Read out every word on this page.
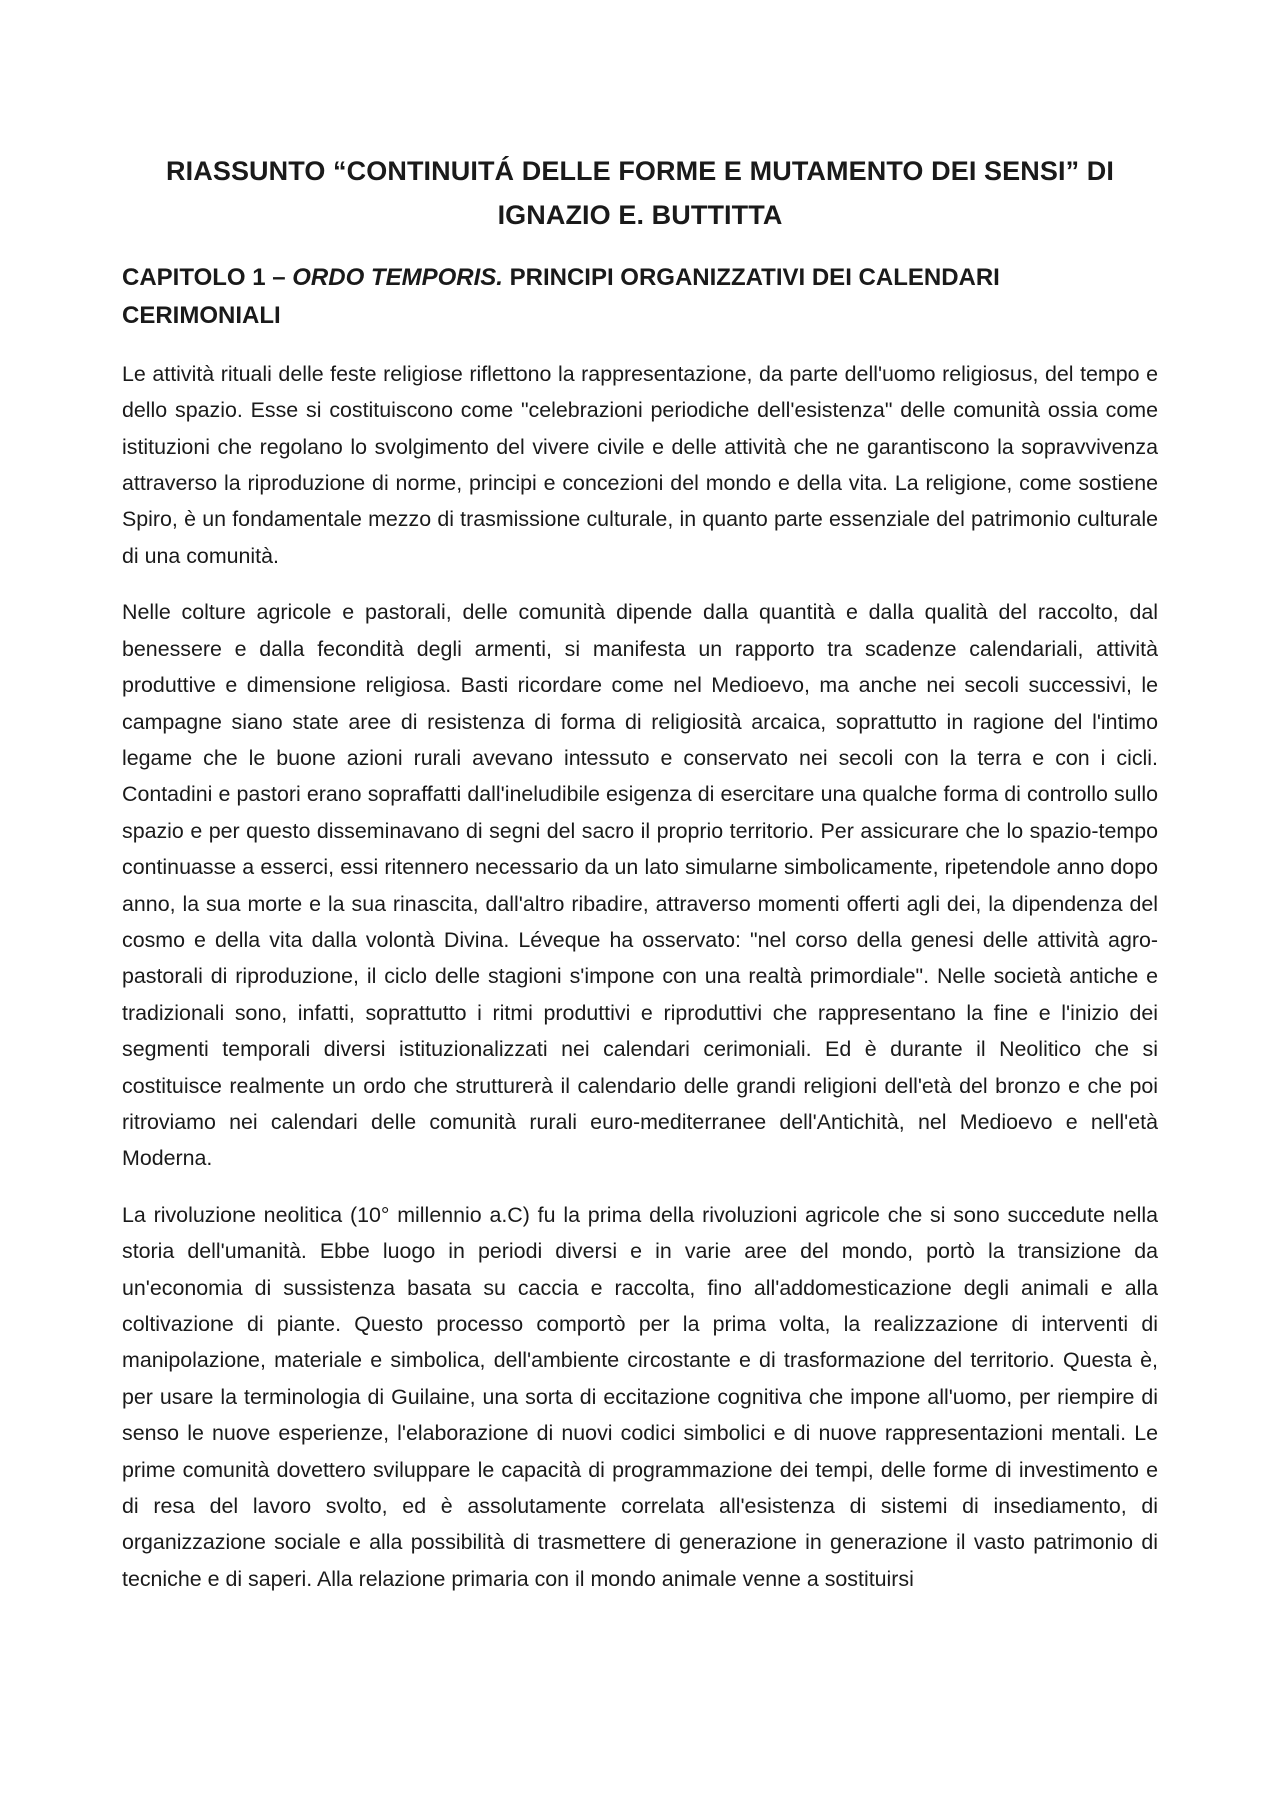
RIASSUNTO “CONTINUITÁ DELLE FORME E MUTAMENTO DEI SENSI” DI IGNAZIO E. BUTTITTA
CAPITOLO 1 – ORDO TEMPORIS. PRINCIPI ORGANIZZATIVI DEI CALENDARI CERIMONIALI

Le attività rituali delle feste religiose riflettono la rappresentazione, da parte dell'uomo religiosus, del tempo e dello spazio. Esse si costituiscono come "celebrazioni periodiche dell'esistenza" delle comunità ossia come istituzioni che regolano lo svolgimento del vivere civile e delle attività che ne garantiscono la sopravvivenza attraverso la riproduzione di norme, principi e concezioni del mondo e della vita. La religione, come sostiene Spiro, è un fondamentale mezzo di trasmissione culturale, in quanto parte essenziale del patrimonio culturale di una comunità.

Nelle colture agricole e pastorali, delle comunità dipende dalla quantità e dalla qualità del raccolto, dal benessere e dalla fecondità degli armenti, si manifesta un rapporto tra scadenze calendariali, attività produttive e dimensione religiosa. Basti ricordare come nel Medioevo, ma anche nei secoli successivi, le campagne siano state aree di resistenza di forma di religiosità arcaica, soprattutto in ragione del l'intimo legame che le buone azioni rurali avevano intessuto e conservato nei secoli con la terra e con i cicli. Contadini e pastori erano sopraffatti dall'ineludibile esigenza di esercitare una qualche forma di controllo sullo spazio e per questo disseminavano di segni del sacro il proprio territorio. Per assicurare che lo spazio-tempo continuasse a esserci, essi ritennero necessario da un lato simularne simbolicamente, ripetendole anno dopo anno, la sua morte e la sua rinascita, dall'altro ribadire, attraverso momenti offerti agli dei, la dipendenza del cosmo e della vita dalla volontà Divina. Léveque ha osservato: "nel corso della genesi delle attività agro-pastorali di riproduzione, il ciclo delle stagioni s'impone con una realtà primordiale". Nelle società antiche e tradizionali sono, infatti, soprattutto i ritmi produttivi e riproduttivi che rappresentano la fine e l'inizio dei segmenti temporali diversi istituzionalizzati nei calendari cerimoniali. Ed è durante il Neolitico che si costituisce realmente un ordo che strutturerà il calendario delle grandi religioni dell'età del bronzo e che poi ritroviamo nei calendari delle comunità rurali euro-mediterranee dell'Antichità, nel Medioevo e nell'età Moderna.

La rivoluzione neolitica (10° millennio a.C) fu la prima della rivoluzioni agricole che si sono succedute nella storia dell'umanità. Ebbe luogo in periodi diversi e in varie aree del mondo, portò la transizione da un'economia di sussistenza basata su caccia e raccolta, fino all'addomesticazione degli animali e alla coltivazione di piante. Questo processo comportò per la prima volta, la realizzazione di interventi di manipolazione, materiale e simbolica, dell'ambiente circostante e di trasformazione del territorio. Questa è, per usare la terminologia di Guilaine, una sorta di eccitazione cognitiva che impone all'uomo, per riempire di senso le nuove esperienze, l'elaborazione di nuovi codici simbolici e di nuove rappresentazioni mentali. Le prime comunità dovettero sviluppare le capacità di programmazione dei tempi, delle forme di investimento e di resa del lavoro svolto, ed è assolutamente correlata all'esistenza di sistemi di insediamento, di organizzazione sociale e alla possibilità di trasmettere di generazione in generazione il vasto patrimonio di tecniche e di saperi. Alla relazione primaria con il mondo animale venne a sostituirsi
